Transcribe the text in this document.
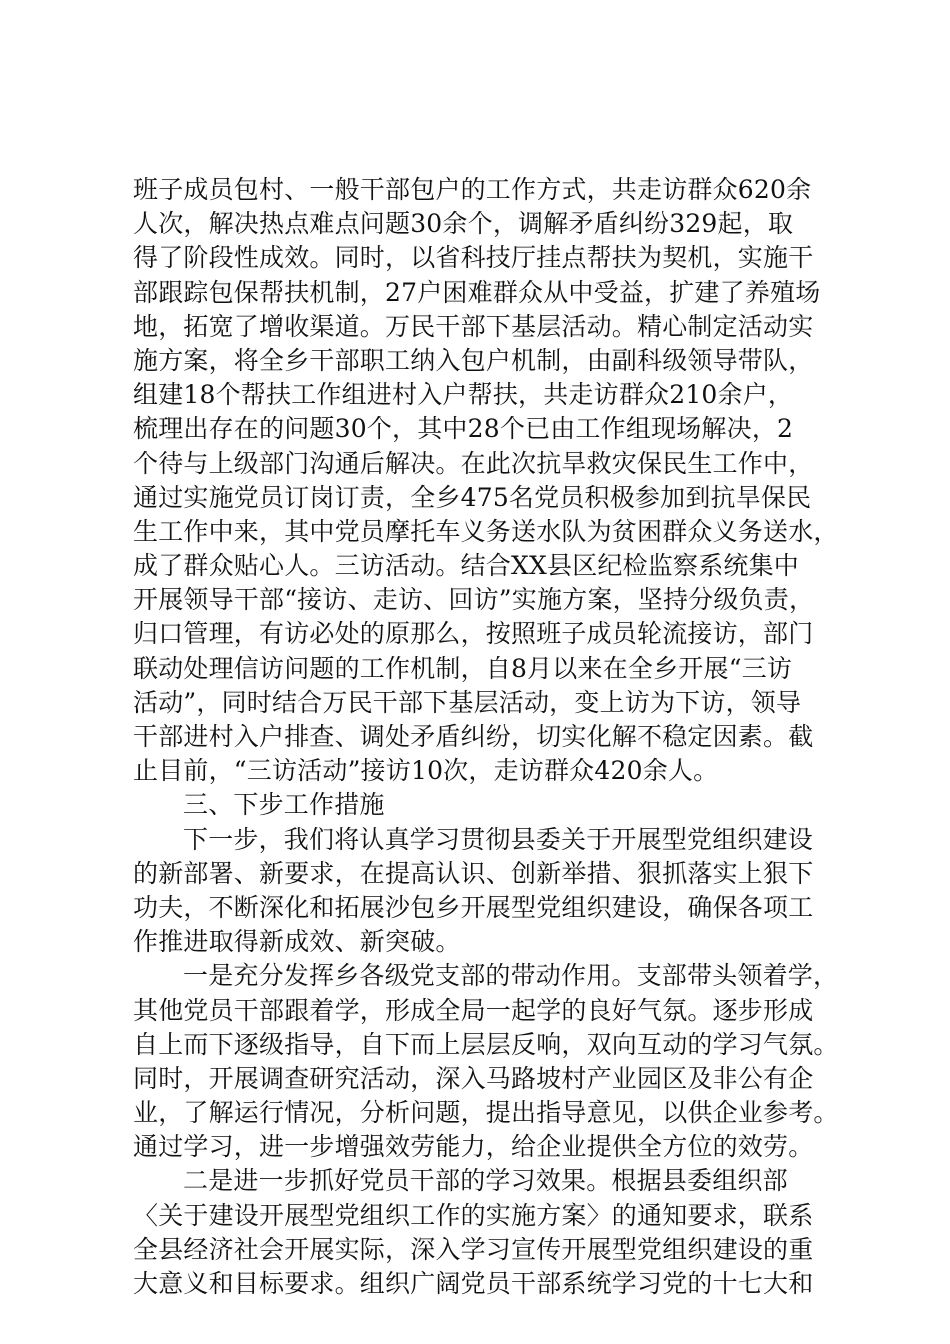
班子成员包村、一般干部包户的工作方式，共走访群众620余
人次，解决热点难点问题30余个，调解矛盾纠纷329起，取
得了阶段性成效。同时，以省科技厅挂点帮扶为契机，实施干
部跟踪包保帮扶机制，27户困难群众从中受益，扩建了养殖场
地，拓宽了增收渠道。万民干部下基层活动。精心制定活动实
施方案，将全乡干部职工纳入包户机制，由副科级领导带队，
组建18个帮扶工作组进村入户帮扶，共走访群众210余户，
梳理出存在的问题30个，其中28个已由工作组现场解决，2
个待与上级部门沟通后解决。在此次抗旱救灾保民生工作中，
通过实施党员订岗订责，全乡475名党员积极参加到抗旱保民
生工作中来，其中党员摩托车义务送水队为贫困群众义务送水，
成了群众贴心人。三访活动。结合XX县区纪检监察系统集中
开展领导干部“接访、走访、回访”实施方案，坚持分级负责，
归口管理，有访必处的原那么，按照班子成员轮流接访，部门
联动处理信访问题的工作机制，自8月以来在全乡开展“三访
活动”，同时结合万民干部下基层活动，变上访为下访，领导
干部进村入户排查、调处矛盾纠纷，切实化解不稳定因素。截
止目前，“三访活动”接访10次，走访群众420余人。
三、下步工作措施
下一步，我们将认真学习贯彻县委关于开展型党组织建设
的新部署、新要求，在提高认识、创新举措、狠抓落实上狠下
功夫，不断深化和拓展沙包乡开展型党组织建设，确保各项工
作推进取得新成效、新突破。
一是充分发挥乡各级党支部的带动作用。支部带头领着学，
其他党员干部跟着学，形成全局一起学的良好气氛。逐步形成
自上而下逐级指导，自下而上层层反响，双向互动的学习气氛。
同时，开展调查研究活动，深入马路坡村产业园区及非公有企
业，了解运行情况，分析问题，提出指导意见，以供企业参考。
通过学习，进一步增强效劳能力，给企业提供全方位的效劳。
二是进一步抓好党员干部的学习效果。根据县委组织部
〈关于建设开展型党组织工作的实施方案〉的通知要求，联系
全县经济社会开展实际，深入学习宣传开展型党组织建设的重
大意义和目标要求。组织广阔党员干部系统学习党的十七大和
